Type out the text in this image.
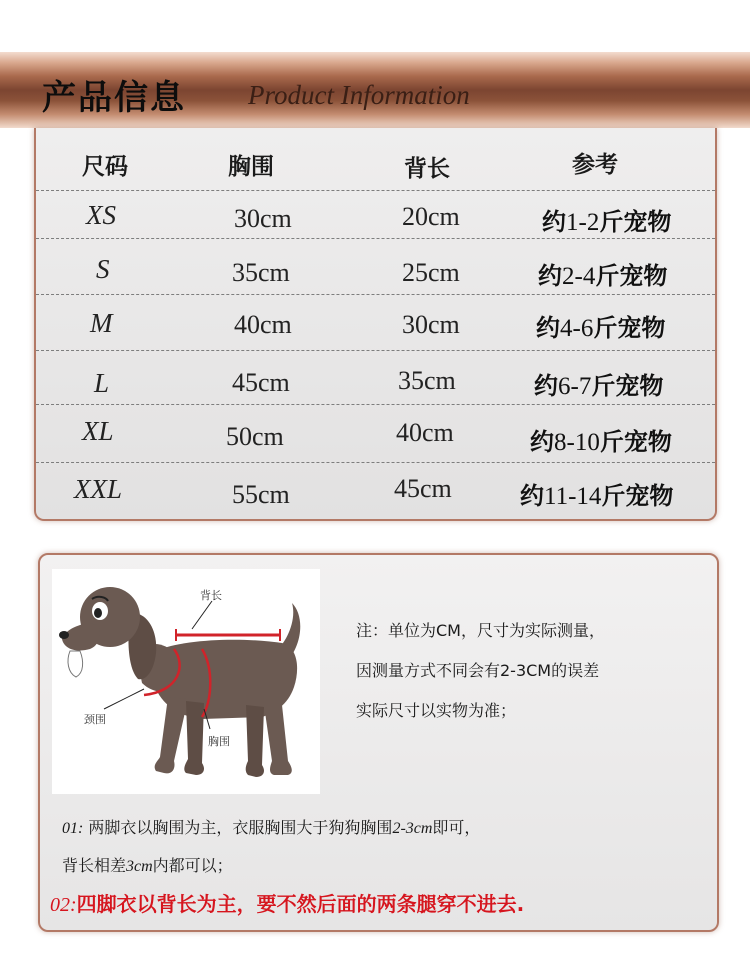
产品信息 Product Information
尺码	胸围	背长	参考
XS	30cm	20cm	约1-2斤宠物
S	35cm	25cm	约2-4斤宠物
M	40cm	30cm	约4-6斤宠物
L	45cm	35cm	约6-7斤宠物
XL	50cm	40cm	约8-10斤宠物
XXL	55cm	45cm	约11-14斤宠物
背长
颈围
胸围
注：单位为CM，尺寸为实际测量，
因测量方式不同会有2-3CM的误差
实际尺寸以实物为准；
01: 两脚衣以胸围为主，衣服胸围大于狗狗胸围2-3cm即可，
背长相差3cm内都可以；
02:四脚衣以背长为主，要不然后面的两条腿穿不进去.
